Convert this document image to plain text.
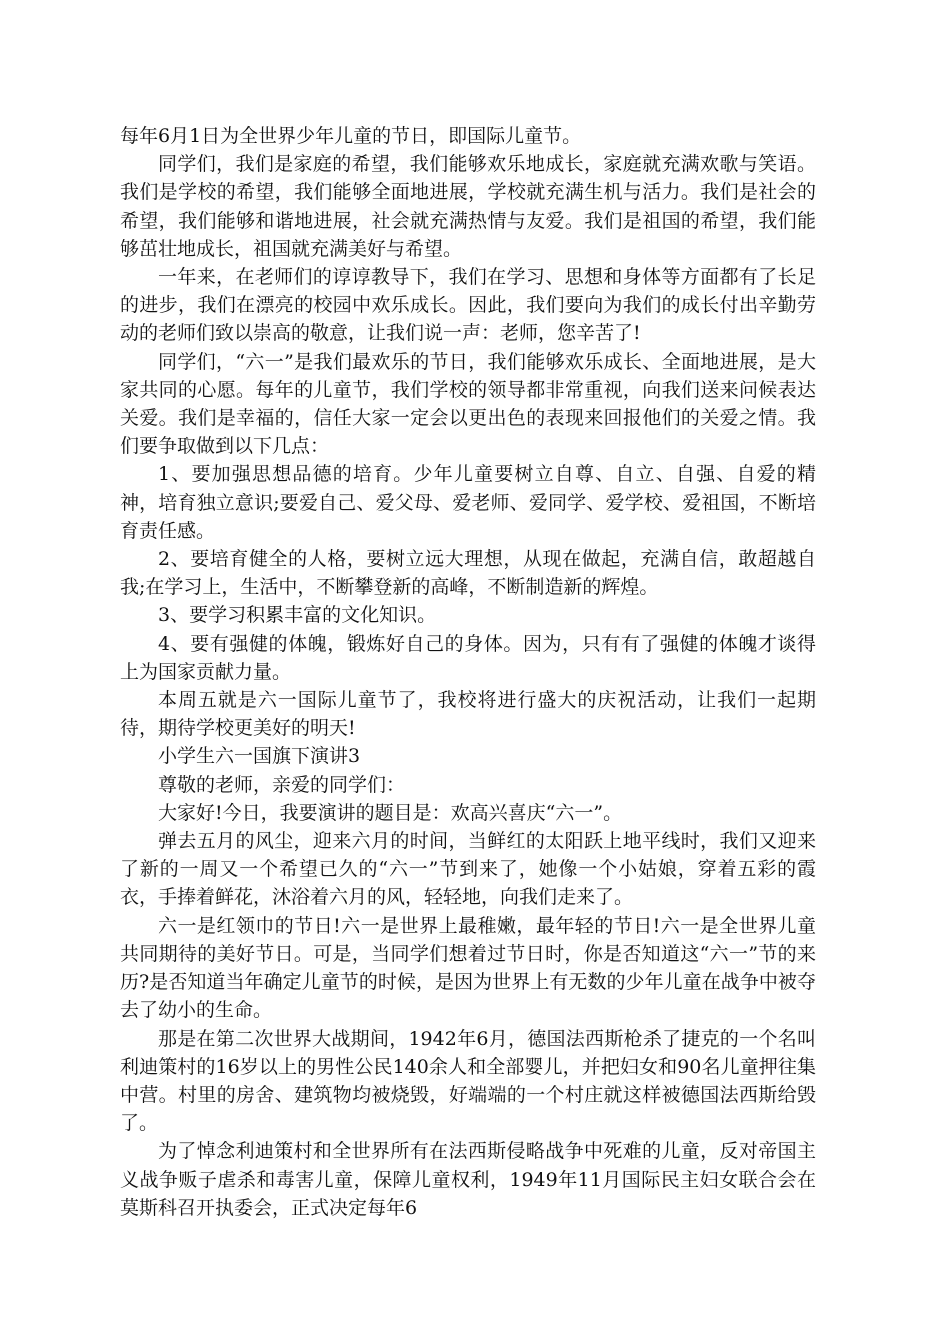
每年6月1日为全世界少年儿童的节日，即国际儿童节。

同学们，我们是家庭的希望，我们能够欢乐地成长，家庭就充满欢歌与笑语。我们是学校的希望，我们能够全面地进展，学校就充满生机与活力。我们是社会的希望，我们能够和谐地进展，社会就充满热情与友爱。我们是祖国的希望，我们能够茁壮地成长，祖国就充满美好与希望。

一年来，在老师们的谆谆教导下，我们在学习、思想和身体等方面都有了长足的进步，我们在漂亮的校园中欢乐成长。因此，我们要向为我们的成长付出辛勤劳动的老师们致以崇高的敬意，让我们说一声：老师，您辛苦了!

同学们，“六一”是我们最欢乐的节日，我们能够欢乐成长、全面地进展，是大家共同的心愿。每年的儿童节，我们学校的领导都非常重视，向我们送来问候表达关爱。我们是幸福的，信任大家一定会以更出色的表现来回报他们的关爱之情。我们要争取做到以下几点：

1、要加强思想品德的培育。少年儿童要树立自尊、自立、自强、自爱的精神，培育独立意识;要爱自己、爱父母、爱老师、爱同学、爱学校、爱祖国，不断培育责任感。

2、要培育健全的人格，要树立远大理想，从现在做起，充满自信，敢超越自我;在学习上，生活中，不断攀登新的高峰，不断制造新的辉煌。

3、要学习积累丰富的文化知识。

4、要有强健的体魄，锻炼好自己的身体。因为，只有有了强健的体魄才谈得上为国家贡献力量。

本周五就是六一国际儿童节了，我校将进行盛大的庆祝活动，让我们一起期待，期待学校更美好的明天!

小学生六一国旗下演讲3

尊敬的老师，亲爱的同学们：

大家好!今日，我要演讲的题目是：欢高兴喜庆“六一”。

弹去五月的风尘，迎来六月的时间，当鲜红的太阳跃上地平线时，我们又迎来了新的一周又一个希望已久的“六一”节到来了，她像一个小姑娘，穿着五彩的霞衣，手捧着鲜花，沐浴着六月的风，轻轻地，向我们走来了。

六一是红领巾的节日!六一是世界上最稚嫩，最年轻的节日!六一是全世界儿童共同期待的美好节日。可是，当同学们想着过节日时，你是否知道这“六一”节的来历?是否知道当年确定儿童节的时候，是因为世界上有无数的少年儿童在战争中被夺去了幼小的生命。

那是在第二次世界大战期间，1942年6月，德国法西斯枪杀了捷克的一个名叫利迪策村的16岁以上的男性公民140余人和全部婴儿，并把妇女和90名儿童押往集中营。村里的房舍、建筑物均被烧毁，好端端的一个村庄就这样被德国法西斯给毁了。

为了悼念利迪策村和全世界所有在法西斯侵略战争中死难的儿童，反对帝国主义战争贩子虐杀和毒害儿童，保障儿童权利，1949年11月国际民主妇女联合会在莫斯科召开执委会，正式决定每年6
